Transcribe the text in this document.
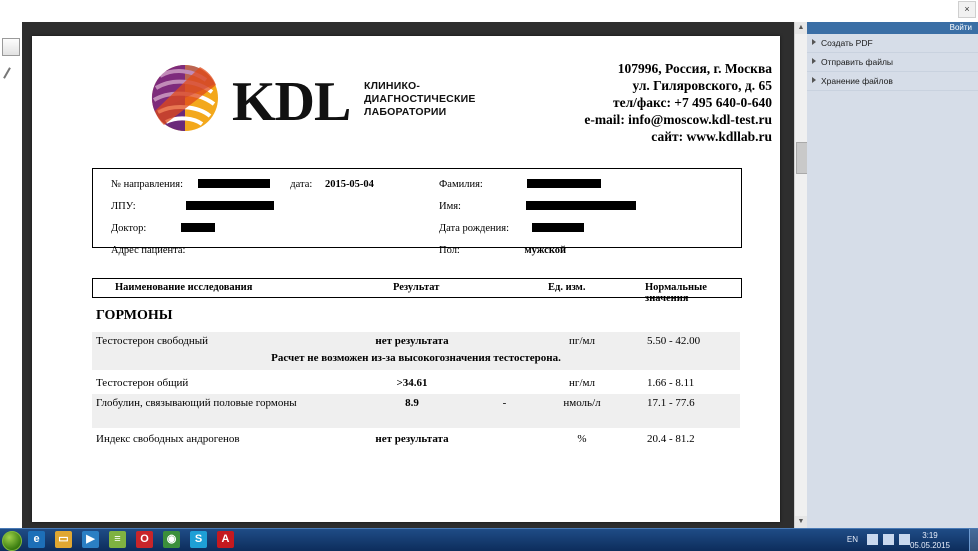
×
KDL КЛИНИКО-
ДИАГНОСТИЧЕСКИЕ
ЛАБОРАТОРИИ
107996, Россия, г. Москва
ул. Гиляровского, д. 65
тел/факс: +7 495 640-0-640
e-mail: info@moscow.kdl-test.ru
сайт: www.kdllab.ru
№ направления:	дата: 2015-05-04
ЛПУ:
Доктор:
Адрес пациента:
Фамилия:
Имя:
Дата рождения:
Пол:	мужской
Наименование исследования	Результат	Ед. изм.	Нормальные значения
ГОРМОНЫ
Тестостерон свободный	нет результата	пг/мл	5.50 - 42.00
Расчет не возможен из-за высокогозначения тестостерона.
Тестостерон общий	>34.61	нг/мл	1.66 - 8.11
Глобулин, связывающий половые гормоны	8.9	-	нмоль/л	17.1 - 77.6
Индекс свободных андрогенов	нет результата	%	20.4 - 81.2
▲
▼
Войти
Создать PDF
Отправить файлы
Хранение файлов
e
	▭
	▶
	≡
	O
	◉
	S
	A	EN	3:19
05.05.2015
